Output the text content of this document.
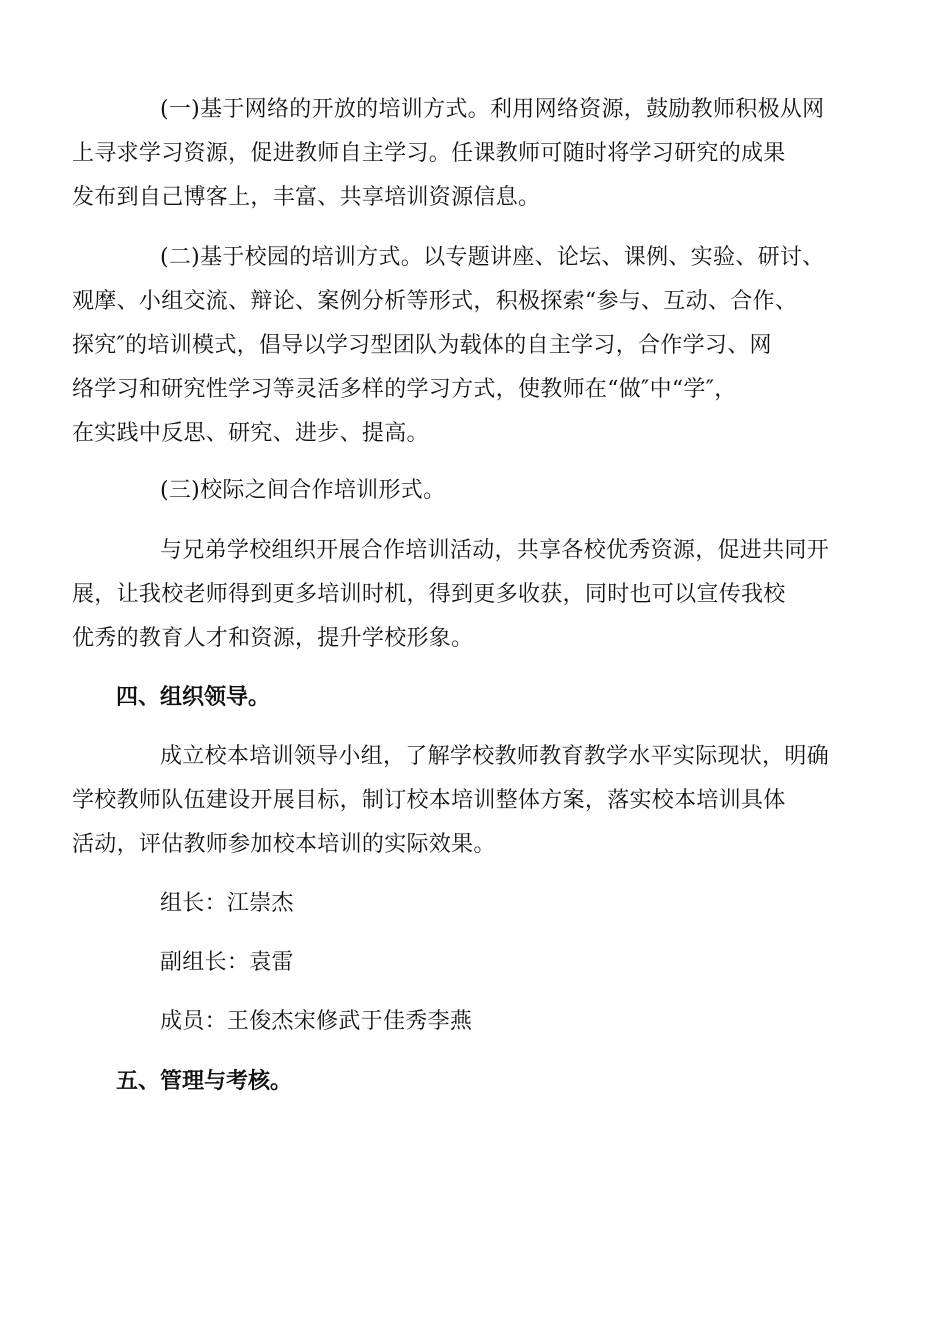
(一)基于网络的开放的培训方式。利用网络资源，鼓励教师积极从网
上寻求学习资源，促进教师自主学习。任课教师可随时将学习研究的成果
发布到自己博客上，丰富、共享培训资源信息。

(二)基于校园的培训方式。以专题讲座、论坛、课例、实验、研讨、
观摩、小组交流、辩论、案例分析等形式，积极探索“参与、互动、合作、
探究″的培训模式，倡导以学习型团队为载体的自主学习，合作学习、网
络学习和研究性学习等灵活多样的学习方式，使教师在“做″中“学″，
在实践中反思、研究、进步、提高。

(三)校际之间合作培训形式。

与兄弟学校组织开展合作培训活动，共享各校优秀资源，促进共同开
展，让我校老师得到更多培训时机，得到更多收获，同时也可以宣传我校
优秀的教育人才和资源，提升学校形象。

四、组织领导。

成立校本培训领导小组，了解学校教师教育教学水平实际现状，明确
学校教师队伍建设开展目标，制订校本培训整体方案，落实校本培训具体
活动，评估教师参加校本培训的实际效果。

组长：江崇杰

副组长：袁雷

成员：王俊杰宋修武于佳秀李燕

五、管理与考核。
